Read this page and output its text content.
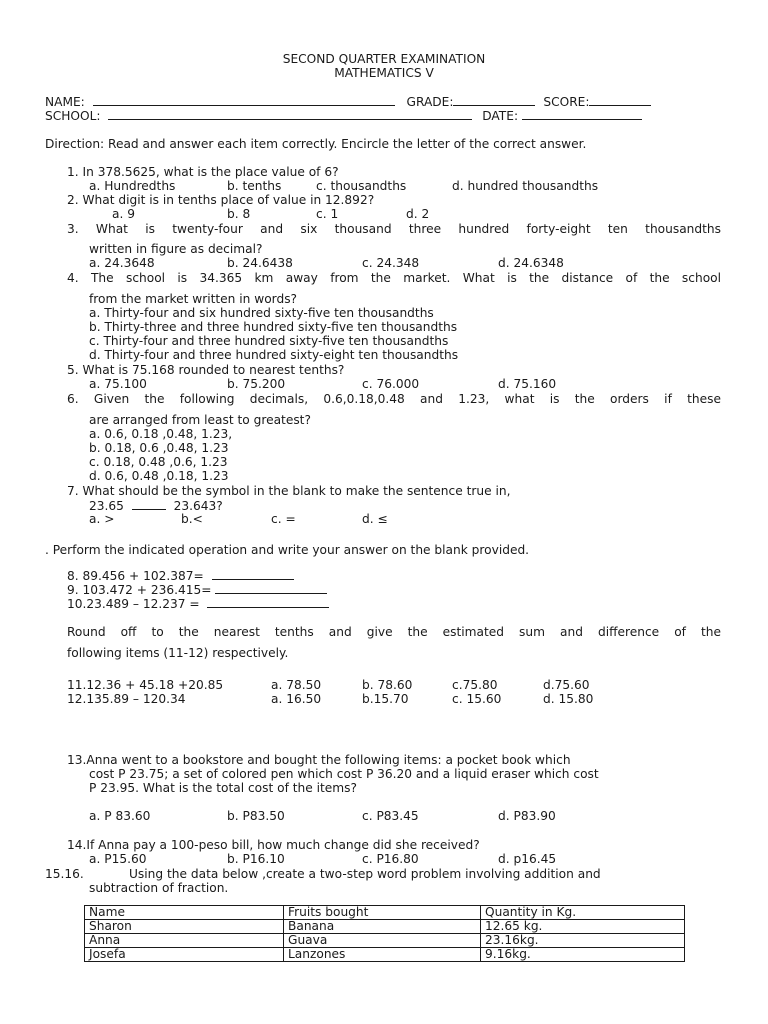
SECOND QUARTER EXAMINATION
MATHEMATICS V
NAME:	GRADE:	SCORE:
SCHOOL:	DATE:
Direction: Read and answer each item correctly. Encircle the letter of the correct answer.
1. In 378.5625, what is the place value of 6?
a. Hundredths	b. tenths	c. thousandths	d. hundred thousandths
2. What digit is in tenths place of value in 12.892?
a. 9	b. 8	c. 1	d. 2
3. What is twenty-four and six thousand three hundred forty-eight ten thousandths
written in figure as decimal?
a. 24.3648	b. 24.6438	c. 24.348	d. 24.6348
4. The school is 34.365 km away from the market. What is the distance of the school
from the market written in words?
a. Thirty-four and six hundred sixty-five ten thousandths
b. Thirty-three and three hundred sixty-five ten thousandths
c. Thirty-four and three hundred sixty-five ten thousandths
d. Thirty-four and three hundred sixty-eight ten thousandths
5. What is 75.168 rounded to nearest tenths?
a. 75.100	b. 75.200	c. 76.000	d. 75.160
6. Given the following decimals, 0.6,0.18,0.48 and 1.23, what is the orders if these
are arranged from least to greatest?
a. 0.6, 0.18 ,0.48, 1.23,
b. 0.18, 0.6 ,0.48, 1.23
c. 0.18, 0.48 ,0.6, 1.23
d. 0.6, 0.48 ,0.18, 1.23
7. What should be the symbol in the blank to make the sentence true in,
23.65	23.643?
a. >	b.<	c. =	d. ≤
. Perform the indicated operation and write your answer on the blank provided.
8. 89.456 + 102.387=
9. 103.472 + 236.415=
10.23.489 – 12.237 =
Round off to the nearest tenths and give the estimated sum and difference of the
following items (11-12) respectively.
11.12.36 + 45.18 +20.85	a. 78.50	b. 78.60	c.75.80	d.75.60
12.135.89 – 120.34	a. 16.50	b.15.70	c. 15.60	d. 15.80
13.Anna went to a bookstore and bought the following items: a pocket book which
cost P 23.75; a set of colored pen which cost P 36.20 and a liquid eraser which cost
P 23.95. What is the total cost of the items?
a. P 83.60	b. P83.50	c. P83.45	d. P83.90
14.If Anna pay a 100-peso bill, how much change did she received?
a. P15.60	b. P16.10	c. P16.80	d. p16.45
15.16.	Using the data below ,create a two-step word problem involving addition and
subtraction of fraction.
Name	Fruits bought	Quantity in Kg.
Sharon	Banana	12.65 kg.
Anna	Guava	23.16kg.
Josefa	Lanzones	9.16kg.
